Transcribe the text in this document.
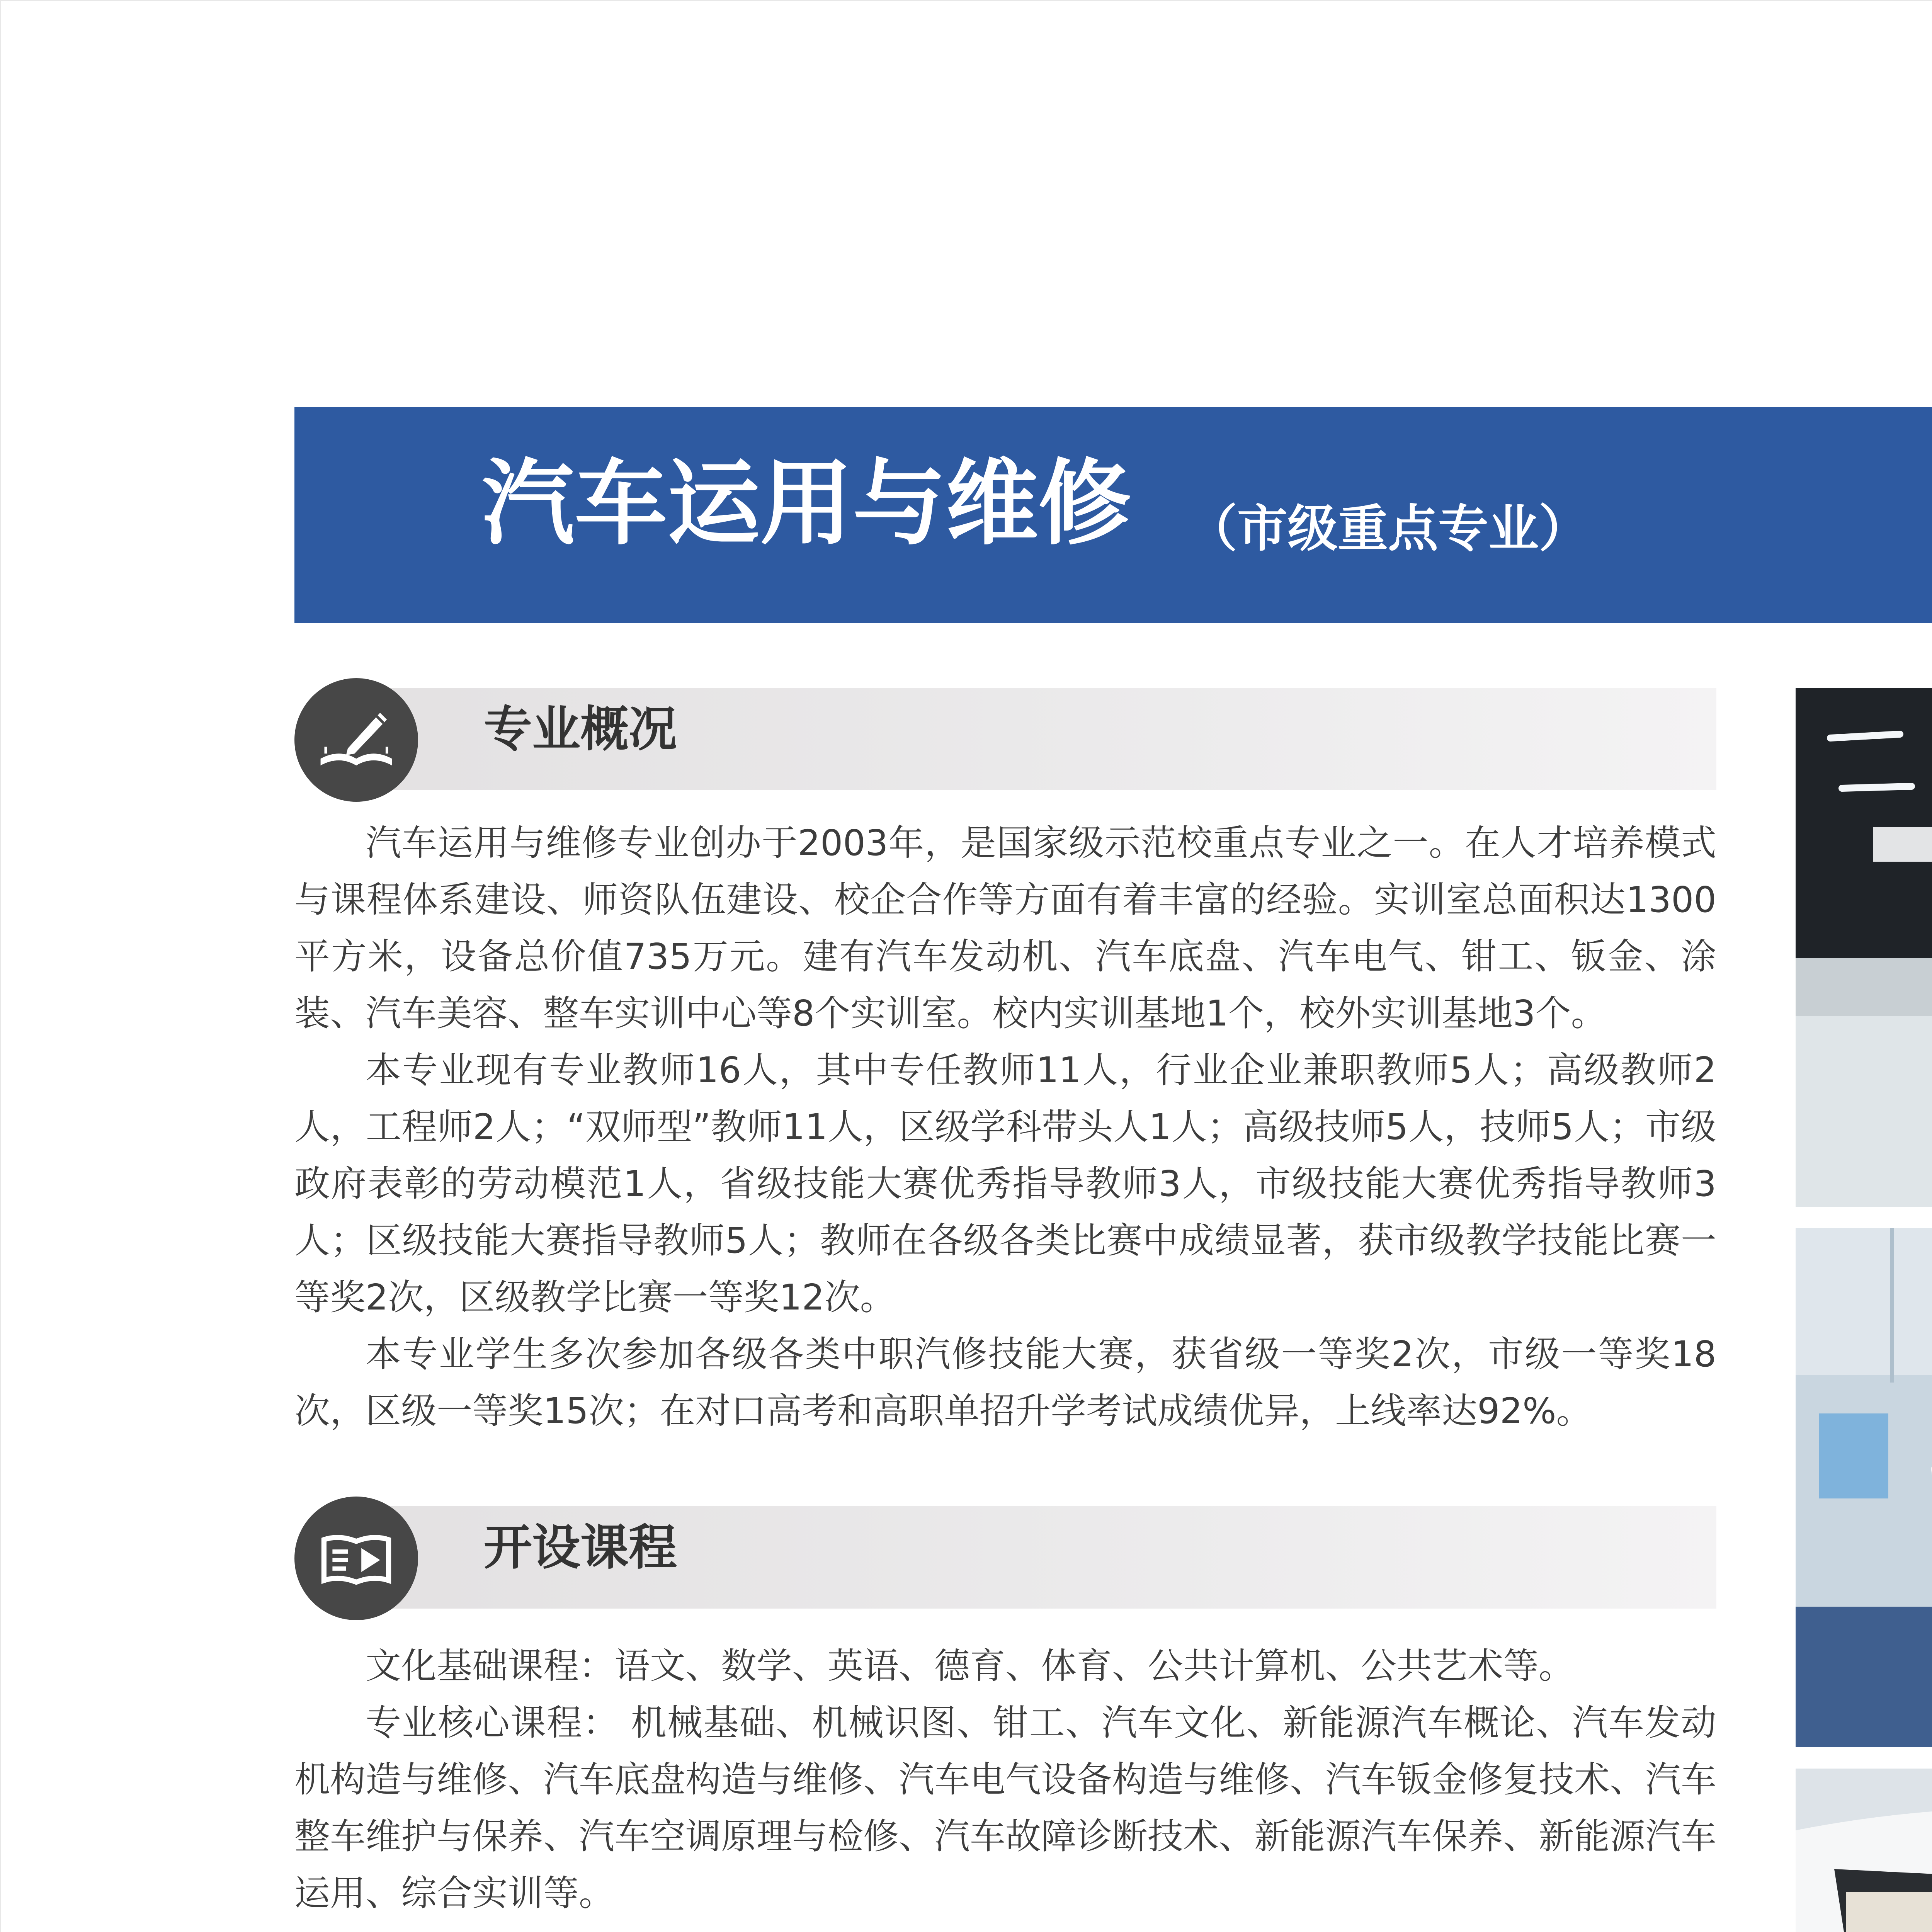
汽车运用与维修 （市级重点专业）
专业概况

汽车运用与维修专业创办于2003年，是国家级示范校重点专业之一。在人才培养模式与课程体系建设、师资队伍建设、校企合作等方面有着丰富的经验。实训室总面积达1300平方米，设备总价值735万元。建有汽车发动机、汽车底盘、汽车电气、钳工、钣金、涂装、汽车美容、整车实训中心等8个实训室。校内实训基地1个，校外实训基地3个。

本专业现有专业教师16人，其中专任教师11人，行业企业兼职教师5人；高级教师2人，工程师2人；“双师型”教师11人，区级学科带头人1人；高级技师5人，技师5人；市级政府表彰的劳动模范1人，省级技能大赛优秀指导教师3人，市级技能大赛优秀指导教师3人；区级技能大赛指导教师5人；教师在各级各类比赛中成绩显著，获市级教学技能比赛一等奖2次，区级教学比赛一等奖12次。

本专业学生多次参加各级各类中职汽修技能大赛，获省级一等奖2次，市级一等奖18次，区级一等奖15次；在对口高考和高职单招升学考试成绩优异，上线率达92%。

开设课程

文化基础课程：语文、数学、英语、德育、体育、公共计算机、公共艺术等。

专业核心课程： 机械基础、机械识图、钳工、汽车文化、新能源汽车概论、汽车发动机构造与维修、汽车底盘构造与维修、汽车电气设备构造与维修、汽车钣金修复技术、汽车整车维护与保养、汽车空调原理与检修、汽车故障诊断技术、新能源汽车保养、新能源汽车运用、综合实训等。
